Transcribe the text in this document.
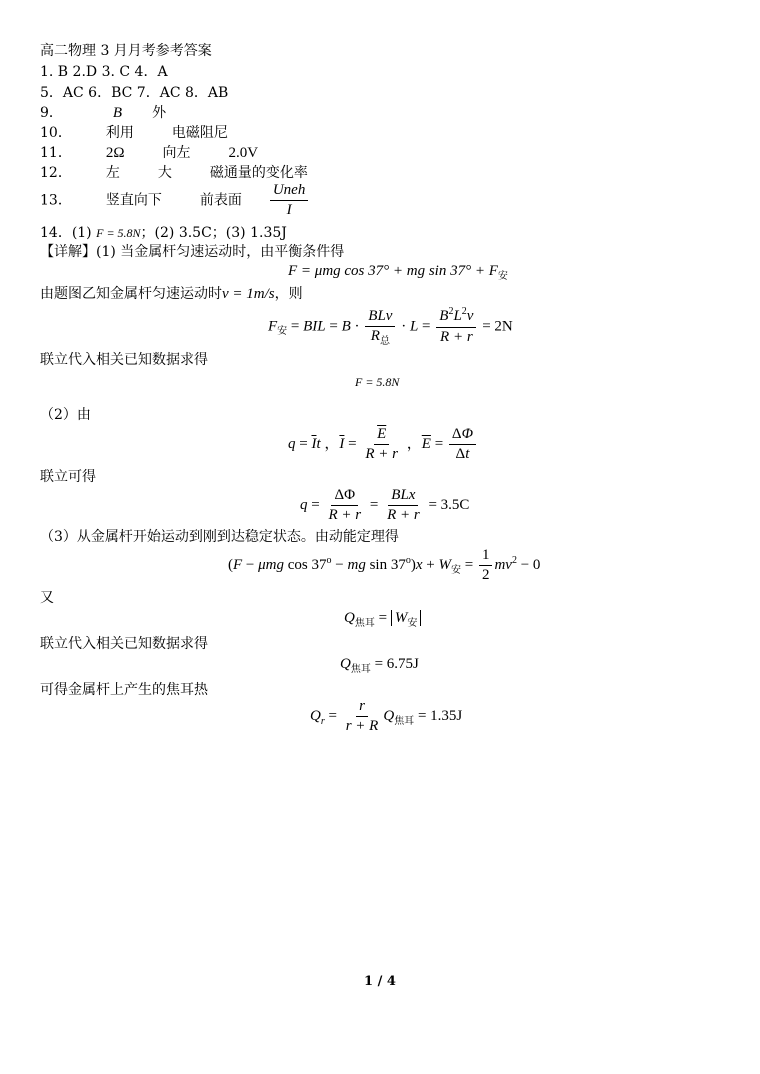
高二物理 3 月月考参考答案
1. B 2.D 3. C 4．A
5．AC 6．BC 7．AC 8．AB
9．	B 外
10． 利用	电磁阻尼
11． 2Ω	向左	2.0V
12． 左	大	磁通量的变化率
13． 竖直向下	前表面 $\frac{\text{Uneh}}{I}$
14．(1) F = 5.8N；(2) 3.5C；(3) 1.35J
【详解】(1) 当金属杆匀速运动时，由平衡条件得
F = μmg cos 37° + mg $\sin 37^\circ + F_安$
由题图乙知金属杆匀速运动时v = 1m/s，则
$F_安$ = BIL = $B \cdot \frac{\text{BLv}}{R_总} \cdot L = \frac{B^2L^2v}{R + r} = 2N$
联立代入相关已知数据求得
F = 5.8N
（2）由
$q = \overline{I}t$ ，$\overline{I} = \frac{\overline{E}}{R + r}$ ，$\overline{E} = \frac{\Delta\Phi}{\Delta t}$
联立可得
$q = \frac{\Delta\Phi}{R + r} = \frac{\text{BLx}}{R + r} = 3.5C$
（3）从金属杆开始运动到刚到达稳定状态。由动能定理得
(F − μmg $\cos 37^o$ − mg $\sin 37^o)x + W_安 = \frac{1}{2} mv^2 - 0$
又
$Q_{焦耳} = W_安$
联立代入相关已知数据求得
$Q_{焦耳} = 6.75J$
可得金属杆上产生的焦耳热
$Q_r = \frac{r}{r + R} Q_{焦耳} = 1.35J$
1 / 4
